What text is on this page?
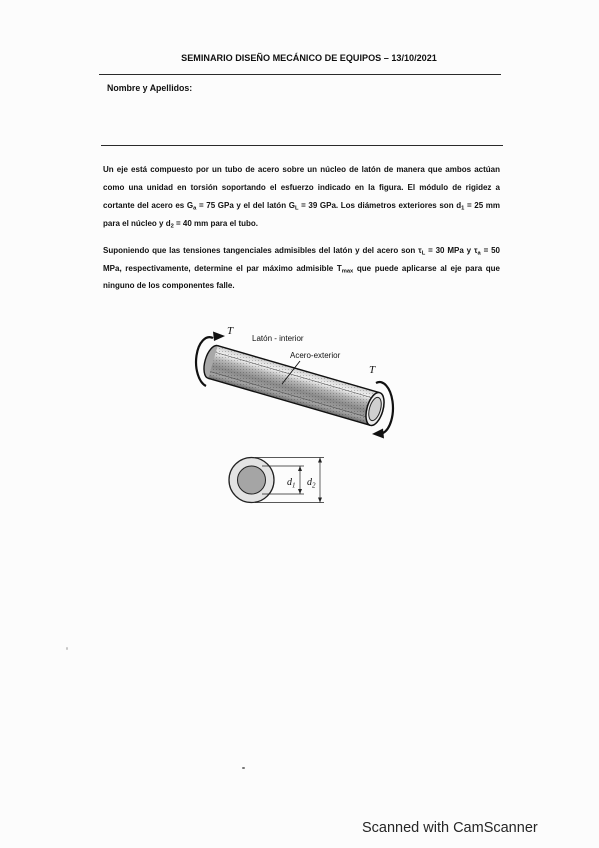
SEMINARIO DISEÑO MECÁNICO DE EQUIPOS – 13/10/2021
Nombre y Apellidos:
Un eje está compuesto por un tubo de acero sobre un núcleo de latón de manera que ambos actúan
como una unidad en torsión soportando el esfuerzo indicado en la figura. El módulo de rigidez a
cortante del acero es $G_a = 75$ GPa y el del latón $G_L = 39$ GPa. Los diámetros exteriores son $d_1 = 25$ mm
para el núcleo y $d_2 = 40$ mm para el tubo.
Suponiendo que las tensiones tangenciales admisibles del latón y del acero son $\tau_L = 30$ MPa y $\tau_a = 50$
MPa, respectivamente, determine el par máximo admisible $T_{max}$ que puede aplicarse al eje para que
ninguno de los componentes falle.
T
T
Latón - interior
Acero-exterior
$d_1$ $d_2$
Scanned with CamScanner
